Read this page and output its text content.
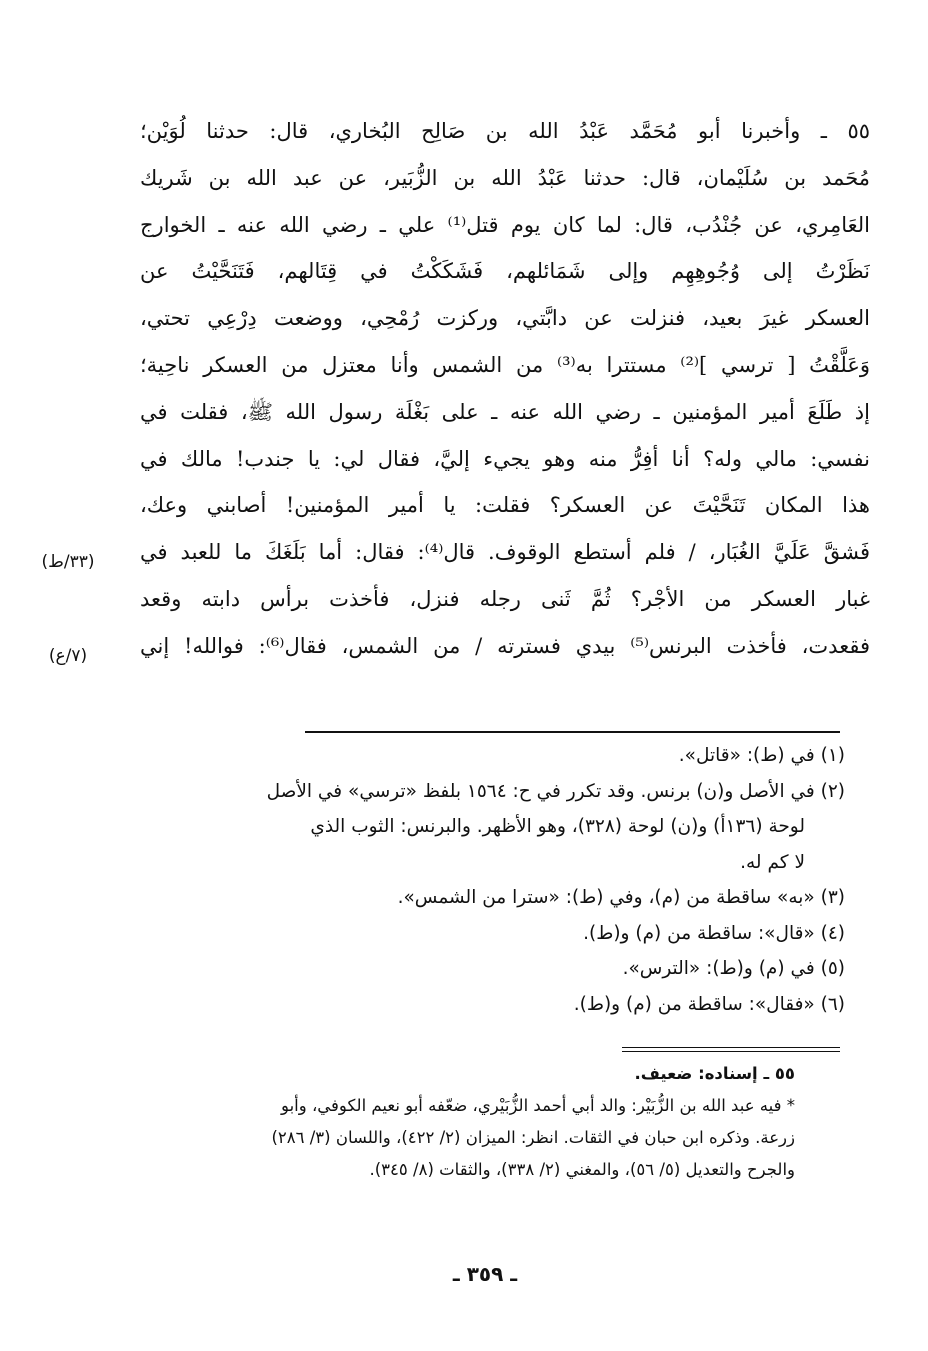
٥٥ ـ وأخبرنا أبو مُحَمَّد عَبْدُ الله بن صَالِح البُخاري، قال: حدثنا لُوَيْن؛
مُحَمد بن سُلَيْمان، قال: حدثنا عَبْدُ الله بن الزُّبَير، عن عبد الله بن شَريك
العَامِري، عن جُنْدُب، قال: لما كان يوم قتل⁽¹⁾ علي ـ رضي الله عنه ـ الخوارج
نَظَرْتُ إلى وُجُوهِهِم وإلى شَمَائلهم، فَشَكَكْتُ في قِتَالهم، فَتَنَحَّيْتُ عن
العسكر غيرَ بعيد، فنزلت عن دابَّتي، وركزت رُمْحِي، ووضعت دِرْعِي تحتي،
وَعَلَّقْتُ [ ترسي ]⁽²⁾ مستترا به⁽³⁾ من الشمس وأنا معتزل من العسكر ناحِية؛
إذ طَلَعَ أمير المؤمنين ـ رضي الله عنه ـ على بَغْلَة رسول الله ﷺ، فقلت في
نفسي: مالي وله؟ أنا أفِرُّ منه وهو يجيء إليَّ، فقال لي: يا جندب! مالك في
هذا المكان تَنَحَّيْتَ عن العسكر؟ فقلت: يا أمير المؤمنين! أصابني وعك،
فَشقَّ عَلَيَّ الغُبَار، / فلم أستطع الوقوف. قال⁽⁴⁾: فقال: أما بَلَغَكَ ما للعبد في
غبار العسكر من الأجْر؟ ثُمَّ ثَنى رجله فنزل، فأخذت برأس دابته وقعد
فقعدت، فأخذت البرنس⁽⁵⁾ بيدي فسترته / من الشمس، فقال⁽⁶⁾: فوالله! إني
(٣٣/ط)
(٧/ع)
(١) في (ط): «قاتل».
(٢) في الأصل و(ن) برنس. وقد تكرر في ح: ١٥٦٤ بلفظ «ترسي» في الأصل
لوحة (١٣٦أ) و(ن) لوحة (٣٢٨)، وهو الأظهر. والبرنس: الثوب الذي
لا كم له.
(٣) «به» ساقطة من (م)، وفي (ط): «سترا من الشمس».
(٤) «قال»: ساقطة من (م) و(ط).
(٥) في (م) و(ط): «الترس».
(٦) «فقال»: ساقطة من (م) و(ط).
٥٥ ـ إسناده: ضعيف.
* فيه عبد الله بن الزُّبَيْر: والد أبي أحمد الزُّبَيْري، ضعّفه أبو نعيم الكوفي، وأبو
زرعة. وذكره ابن حبان في الثقات. انظر: الميزان (٢/ ٤٢٢)، واللسان (٣/ ٢٨٦)
والجرح والتعديل (٥/ ٥٦)، والمغني (٢/ ٣٣٨)، والثقات (٨/ ٣٤٥).
ـ ٣٥٩ ـ
